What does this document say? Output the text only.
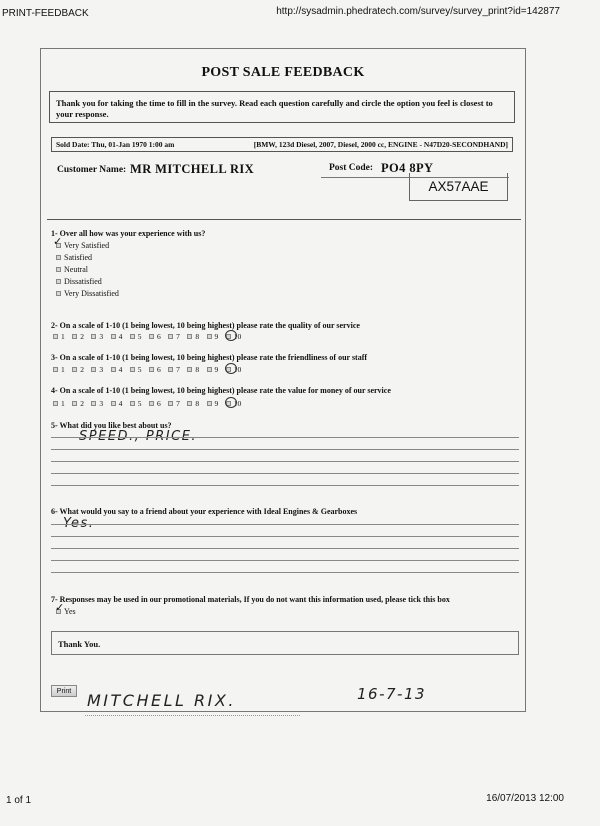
PRINT-FEEDBACK	http://sysadmin.phedratech.com/survey/survey_print?id=142877
POST SALE FEEDBACK
Thank you for taking the time to fill in the survey. Read each question carefully and circle the option you feel is closest to your response.
Sold Date: Thu, 01-Jan 1970 1:00 am	[BMW, 123d Diesel, 2007, Diesel, 2000 cc, ENGINE - N47D20-SECONDHAND]
Customer Name: MR MITCHELL RIX	Post Code: PO4 8PY
AX57AAE
1- Over all how was your experience with us?
Very Satisfied
Satisfied
Neutral
Dissatisfied
Very Dissatisfied
✓
2- On a scale of 1-10 (1 being lowest, 10 being highest) please rate the quality of our service
1 2 3 4 5 6 7 8 9 10
3- On a scale of 1-10 (1 being lowest, 10 being highest) please rate the friendliness of our staff
1 2 3 4 5 6 7 8 9 10
4- On a scale of 1-10 (1 being lowest, 10 being highest) please rate the value for money of our service
1 2 3 4 5 6 7 8 9 10
5- What did you like best about us?
SPEED., PRICE.
6- What would you say to a friend about your experience with Ideal Engines & Gearboxes
Yes.
7- Responses may be used in our promotional materials, If you do not want this information used, please tick this box
Yes
✓
Thank You.
Print MITCHELL RIX.	16-7-13
1 of 1	16/07/2013 12:00
